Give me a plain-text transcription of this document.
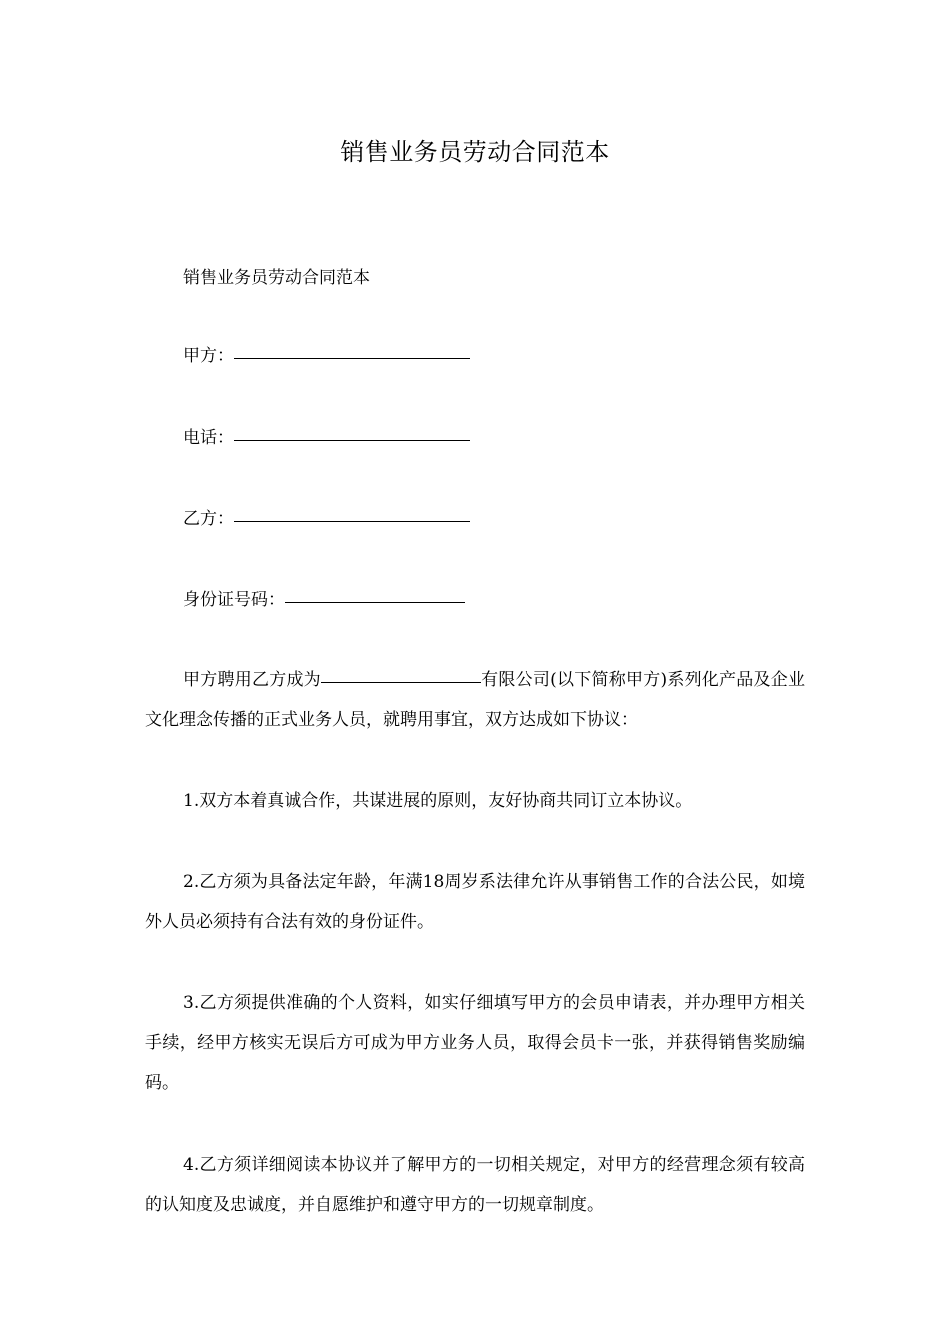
销售业务员劳动合同范本
销售业务员劳动合同范本
甲方：
电话：
乙方：
身份证号码：
甲方聘用乙方成为	有限公司(以下简称甲方)系列化产品及企业文化理念传播的正式业务人员，就聘用事宜，双方达成如下协议：
1.双方本着真诚合作，共谋进展的原则，友好协商共同订立本协议。
2.乙方须为具备法定年龄，年满18周岁系法律允许从事销售工作的合法公民，如境外人员必须持有合法有效的身份证件。
3.乙方须提供准确的个人资料，如实仔细填写甲方的会员申请表，并办理甲方相关手续，经甲方核实无误后方可成为甲方业务人员，取得会员卡一张，并获得销售奖励编码。
4.乙方须详细阅读本协议并了解甲方的一切相关规定，对甲方的经营理念须有较高的认知度及忠诚度，并自愿维护和遵守甲方的一切规章制度。
